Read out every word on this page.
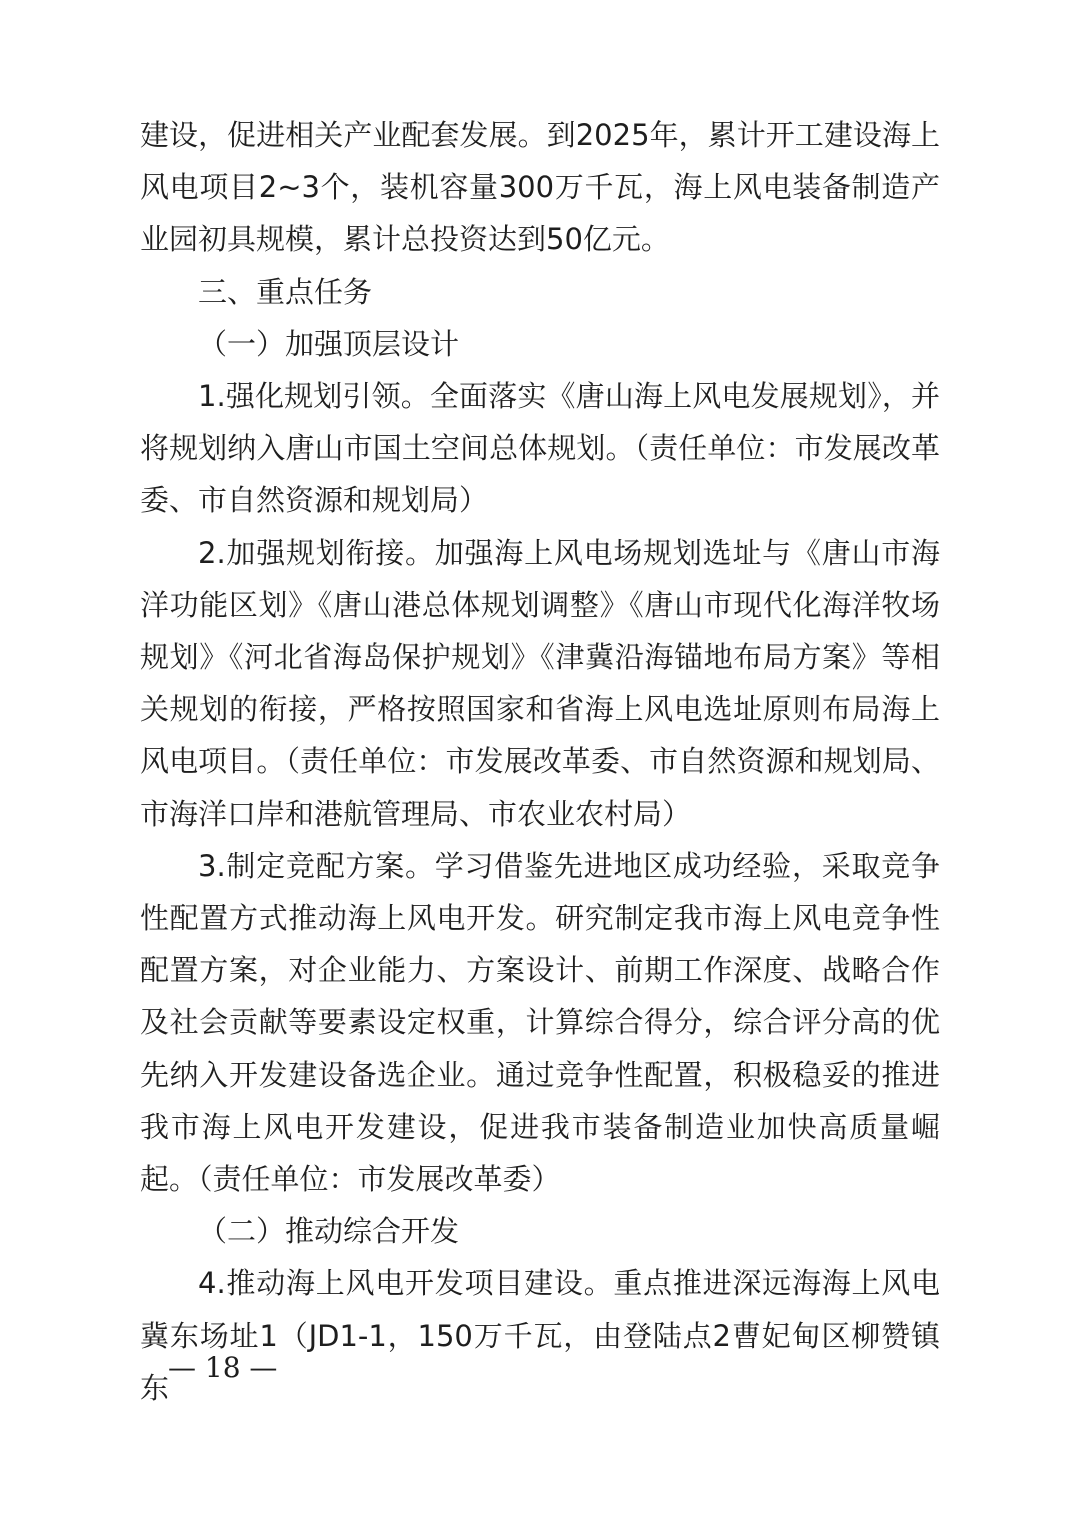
建设，促进相关产业配套发展。到2025年，累计开工建设海上风电项目2~3个，装机容量300万千瓦，海上风电装备制造产业园初具规模，累计总投资达到50亿元。

三、重点任务

（一）加强顶层设计

1.强化规划引领。全面落实《唐山海上风电发展规划》，并将规划纳入唐山市国土空间总体规划。（责任单位：市发展改革委、市自然资源和规划局）

2.加强规划衔接。加强海上风电场规划选址与《唐山市海洋功能区划》《唐山港总体规划调整》《唐山市现代化海洋牧场规划》《河北省海岛保护规划》《津冀沿海锚地布局方案》等相关规划的衔接，严格按照国家和省海上风电选址原则布局海上风电项目。（责任单位：市发展改革委、市自然资源和规划局、市海洋口岸和港航管理局、市农业农村局）

3.制定竞配方案。学习借鉴先进地区成功经验，采取竞争性配置方式推动海上风电开发。研究制定我市海上风电竞争性配置方案，对企业能力、方案设计、前期工作深度、战略合作及社会贡献等要素设定权重，计算综合得分，综合评分高的优先纳入开发建设备选企业。通过竞争性配置，积极稳妥的推进我市海上风电开发建设，促进我市装备制造业加快高质量崛起。（责任单位：市发展改革委）

（二）推动综合开发

4.推动海上风电开发项目建设。重点推进深远海海上风电冀东场址1（JD1-1，150万千瓦，由登陆点2曹妃甸区柳赞镇东

— 18 —
